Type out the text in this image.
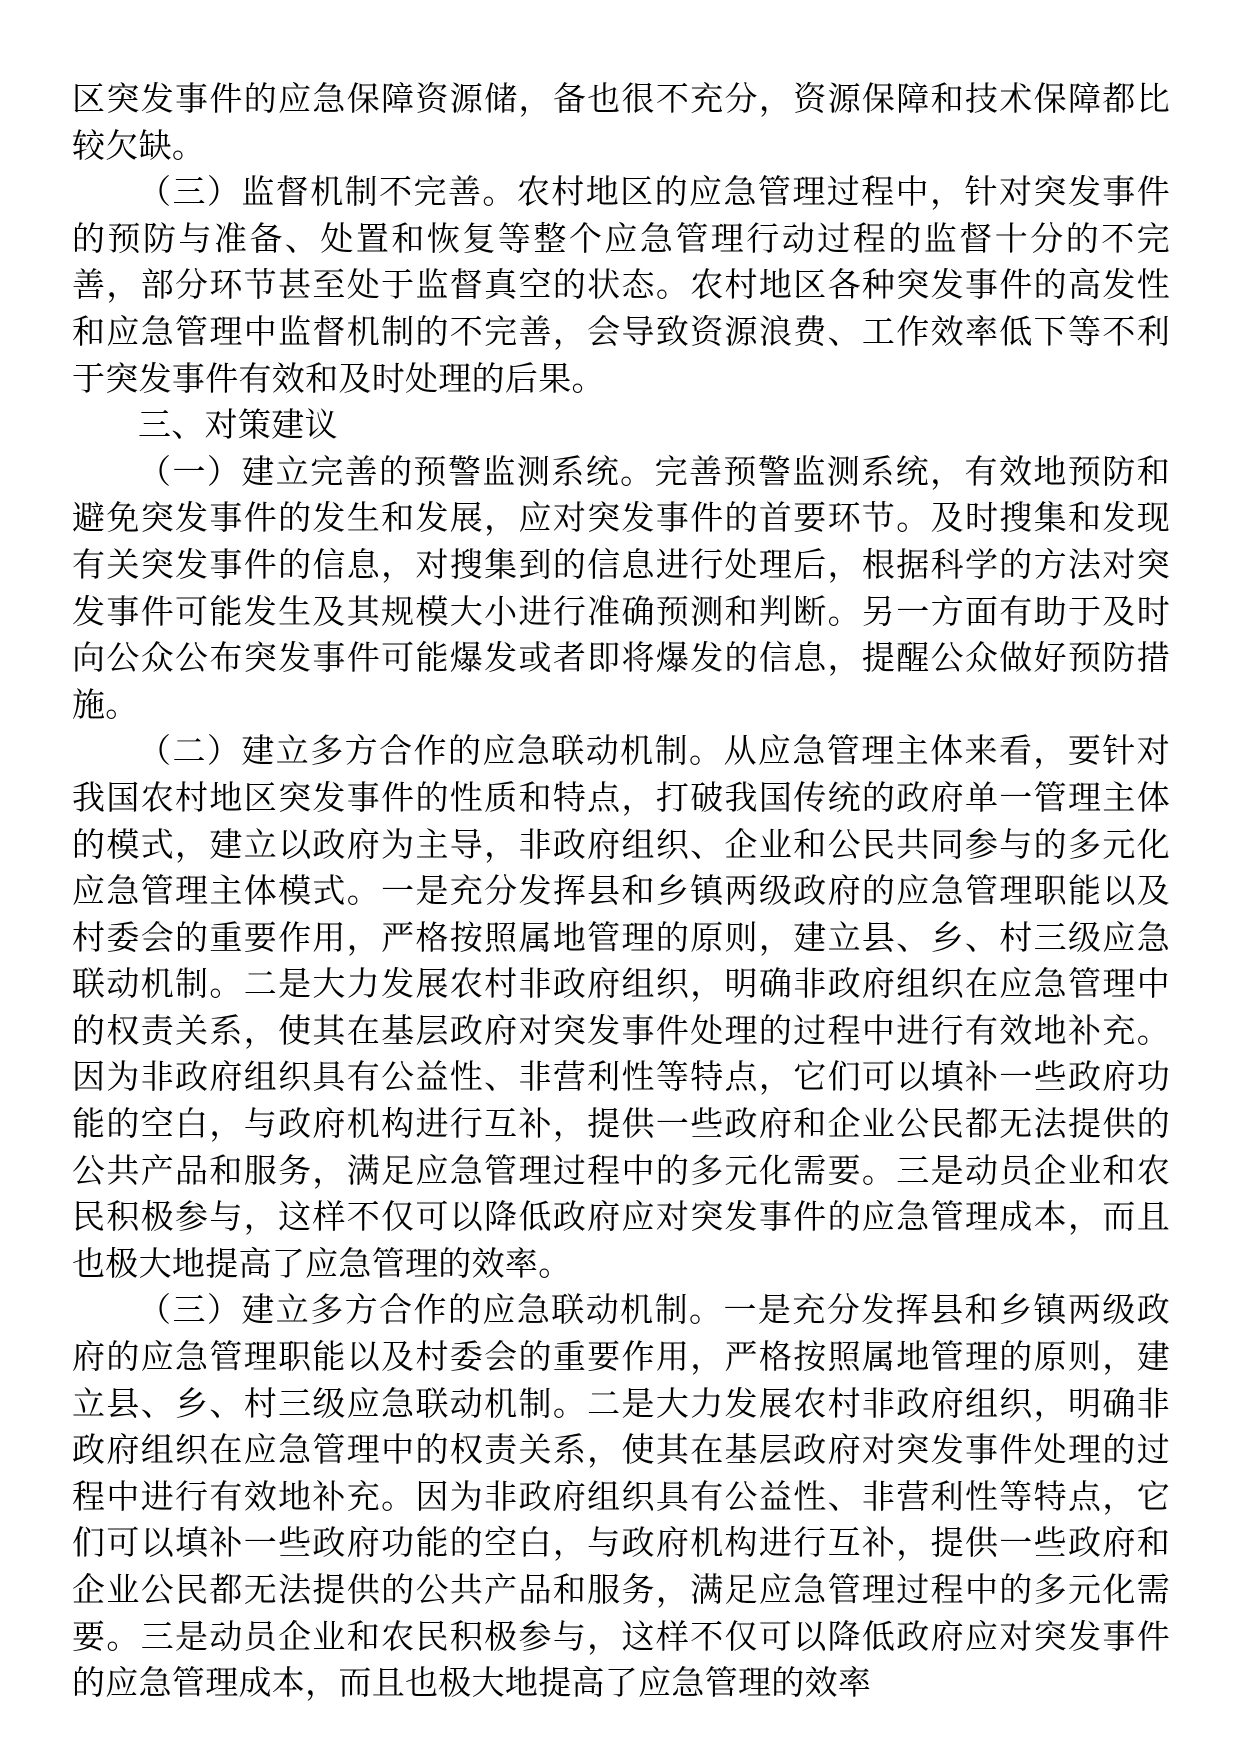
区突发事件的应急保障资源储，备也很不充分，资源保障和技术保障都比较欠缺。

（三）监督机制不完善。农村地区的应急管理过程中，针对突发事件的预防与准备、处置和恢复等整个应急管理行动过程的监督十分的不完善，部分环节甚至处于监督真空的状态。农村地区各种突发事件的高发性和应急管理中监督机制的不完善，会导致资源浪费、工作效率低下等不利于突发事件有效和及时处理的后果。

三、对策建议

（一）建立完善的预警监测系统。完善预警监测系统，有效地预防和避免突发事件的发生和发展，应对突发事件的首要环节。及时搜集和发现有关突发事件的信息，对搜集到的信息进行处理后，根据科学的方法对突发事件可能发生及其规模大小进行准确预测和判断。另一方面有助于及时向公众公布突发事件可能爆发或者即将爆发的信息，提醒公众做好预防措施。

（二）建立多方合作的应急联动机制。从应急管理主体来看，要针对我国农村地区突发事件的性质和特点，打破我国传统的政府单一管理主体的模式，建立以政府为主导，非政府组织、企业和公民共同参与的多元化应急管理主体模式。一是充分发挥县和乡镇两级政府的应急管理职能以及村委会的重要作用，严格按照属地管理的原则，建立县、乡、村三级应急联动机制。二是大力发展农村非政府组织，明确非政府组织在应急管理中的权责关系，使其在基层政府对突发事件处理的过程中进行有效地补充。因为非政府组织具有公益性、非营利性等特点，它们可以填补一些政府功能的空白，与政府机构进行互补，提供一些政府和企业公民都无法提供的公共产品和服务，满足应急管理过程中的多元化需要。三是动员企业和农民积极参与，这样不仅可以降低政府应对突发事件的应急管理成本，而且也极大地提高了应急管理的效率。

（三）建立多方合作的应急联动机制。一是充分发挥县和乡镇两级政府的应急管理职能以及村委会的重要作用，严格按照属地管理的原则，建立县、乡、村三级应急联动机制。二是大力发展农村非政府组织，明确非政府组织在应急管理中的权责关系，使其在基层政府对突发事件处理的过程中进行有效地补充。因为非政府组织具有公益性、非营利性等特点，它们可以填补一些政府功能的空白，与政府机构进行互补，提供一些政府和企业公民都无法提供的公共产品和服务，满足应急管理过程中的多元化需要。三是动员企业和农民积极参与，这样不仅可以降低政府应对突发事件的应急管理成本，而且也极大地提高了应急管理的效率
